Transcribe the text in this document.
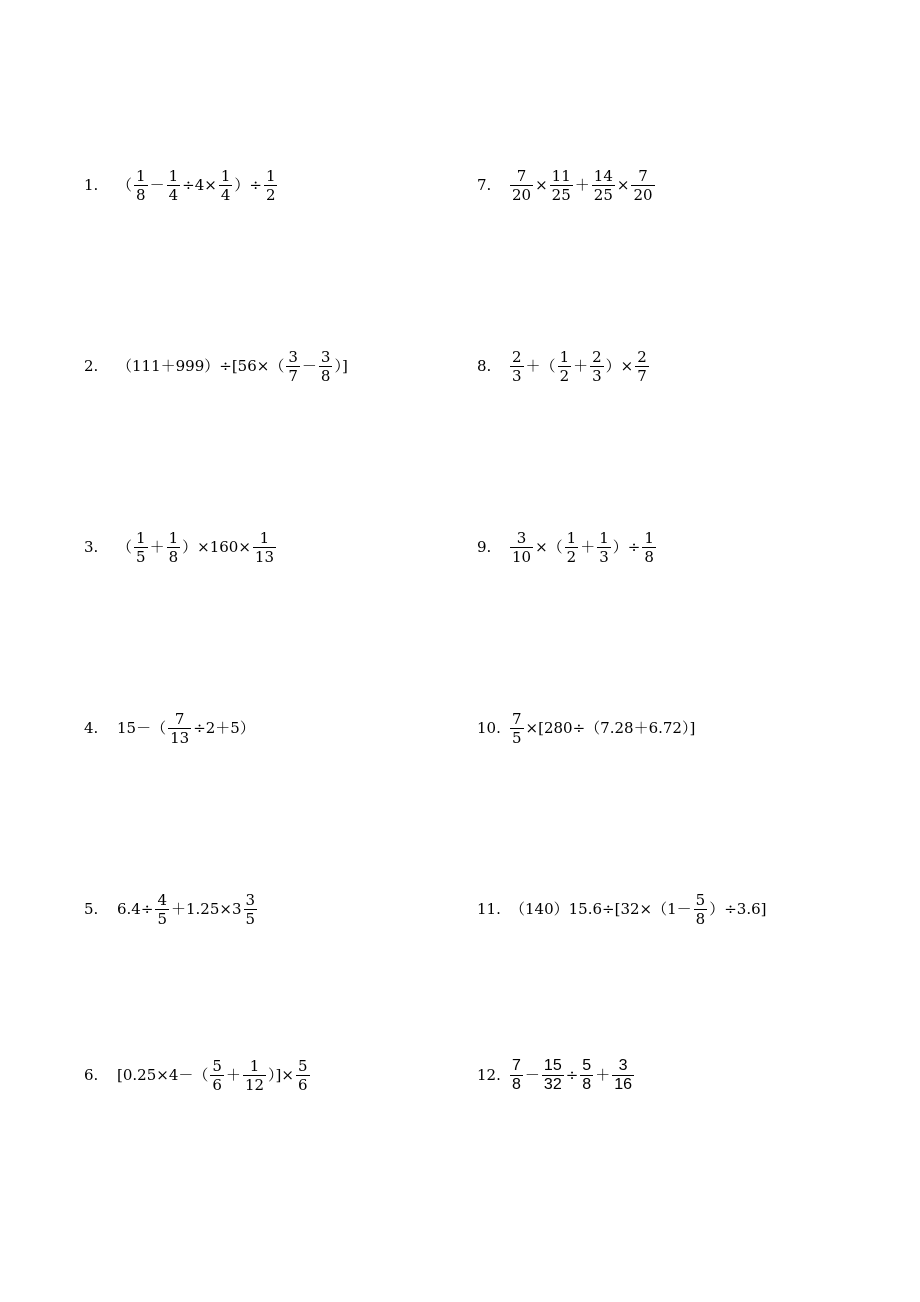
1.	（ $\frac{1}{8} - \frac{1}{4} \div 4\times \frac{1}{4}$ ）÷ $\frac{1}{2}$
2.	$(111+999)\div[56\times( \frac{3}{7} - \frac{3}{8}$ ）]
3.	（ $\frac{1}{5} + \frac{1}{8} )\times 160\times \frac{1}{13}$
4.	$15-( \frac{7}{13} \div 2+5)$
5.	$6.4\div \frac{4}{5} +1.25\times 3 \frac{3}{5}$
6.	[$0.25\times 4-( \frac{5}{6} + \frac{1}{12}$ ）]× $\frac{5}{6}$
7.	$\frac{7}{20} \times \frac{11}{25} + \frac{14}{25} \times \frac{7}{20}$
8.	$\frac{2}{3}$ ＋（ $\frac{1}{2} + \frac{2}{3}$ ）× $\frac{2}{7}$
9.	$\frac{3}{10}$ ×（ $\frac{1}{2} + \frac{1}{3}$ ）÷ $\frac{1}{8}$
10. $\frac{7}{5} \times[280\div(7.28+6.72)]$
11. $(140)15.6\div[32\times(1- \frac{5}{8} )\div 3.6]$
12. $\frac{7}{8} - \frac{15}{32} \div \frac{5}{8} + \frac{3}{16}$
